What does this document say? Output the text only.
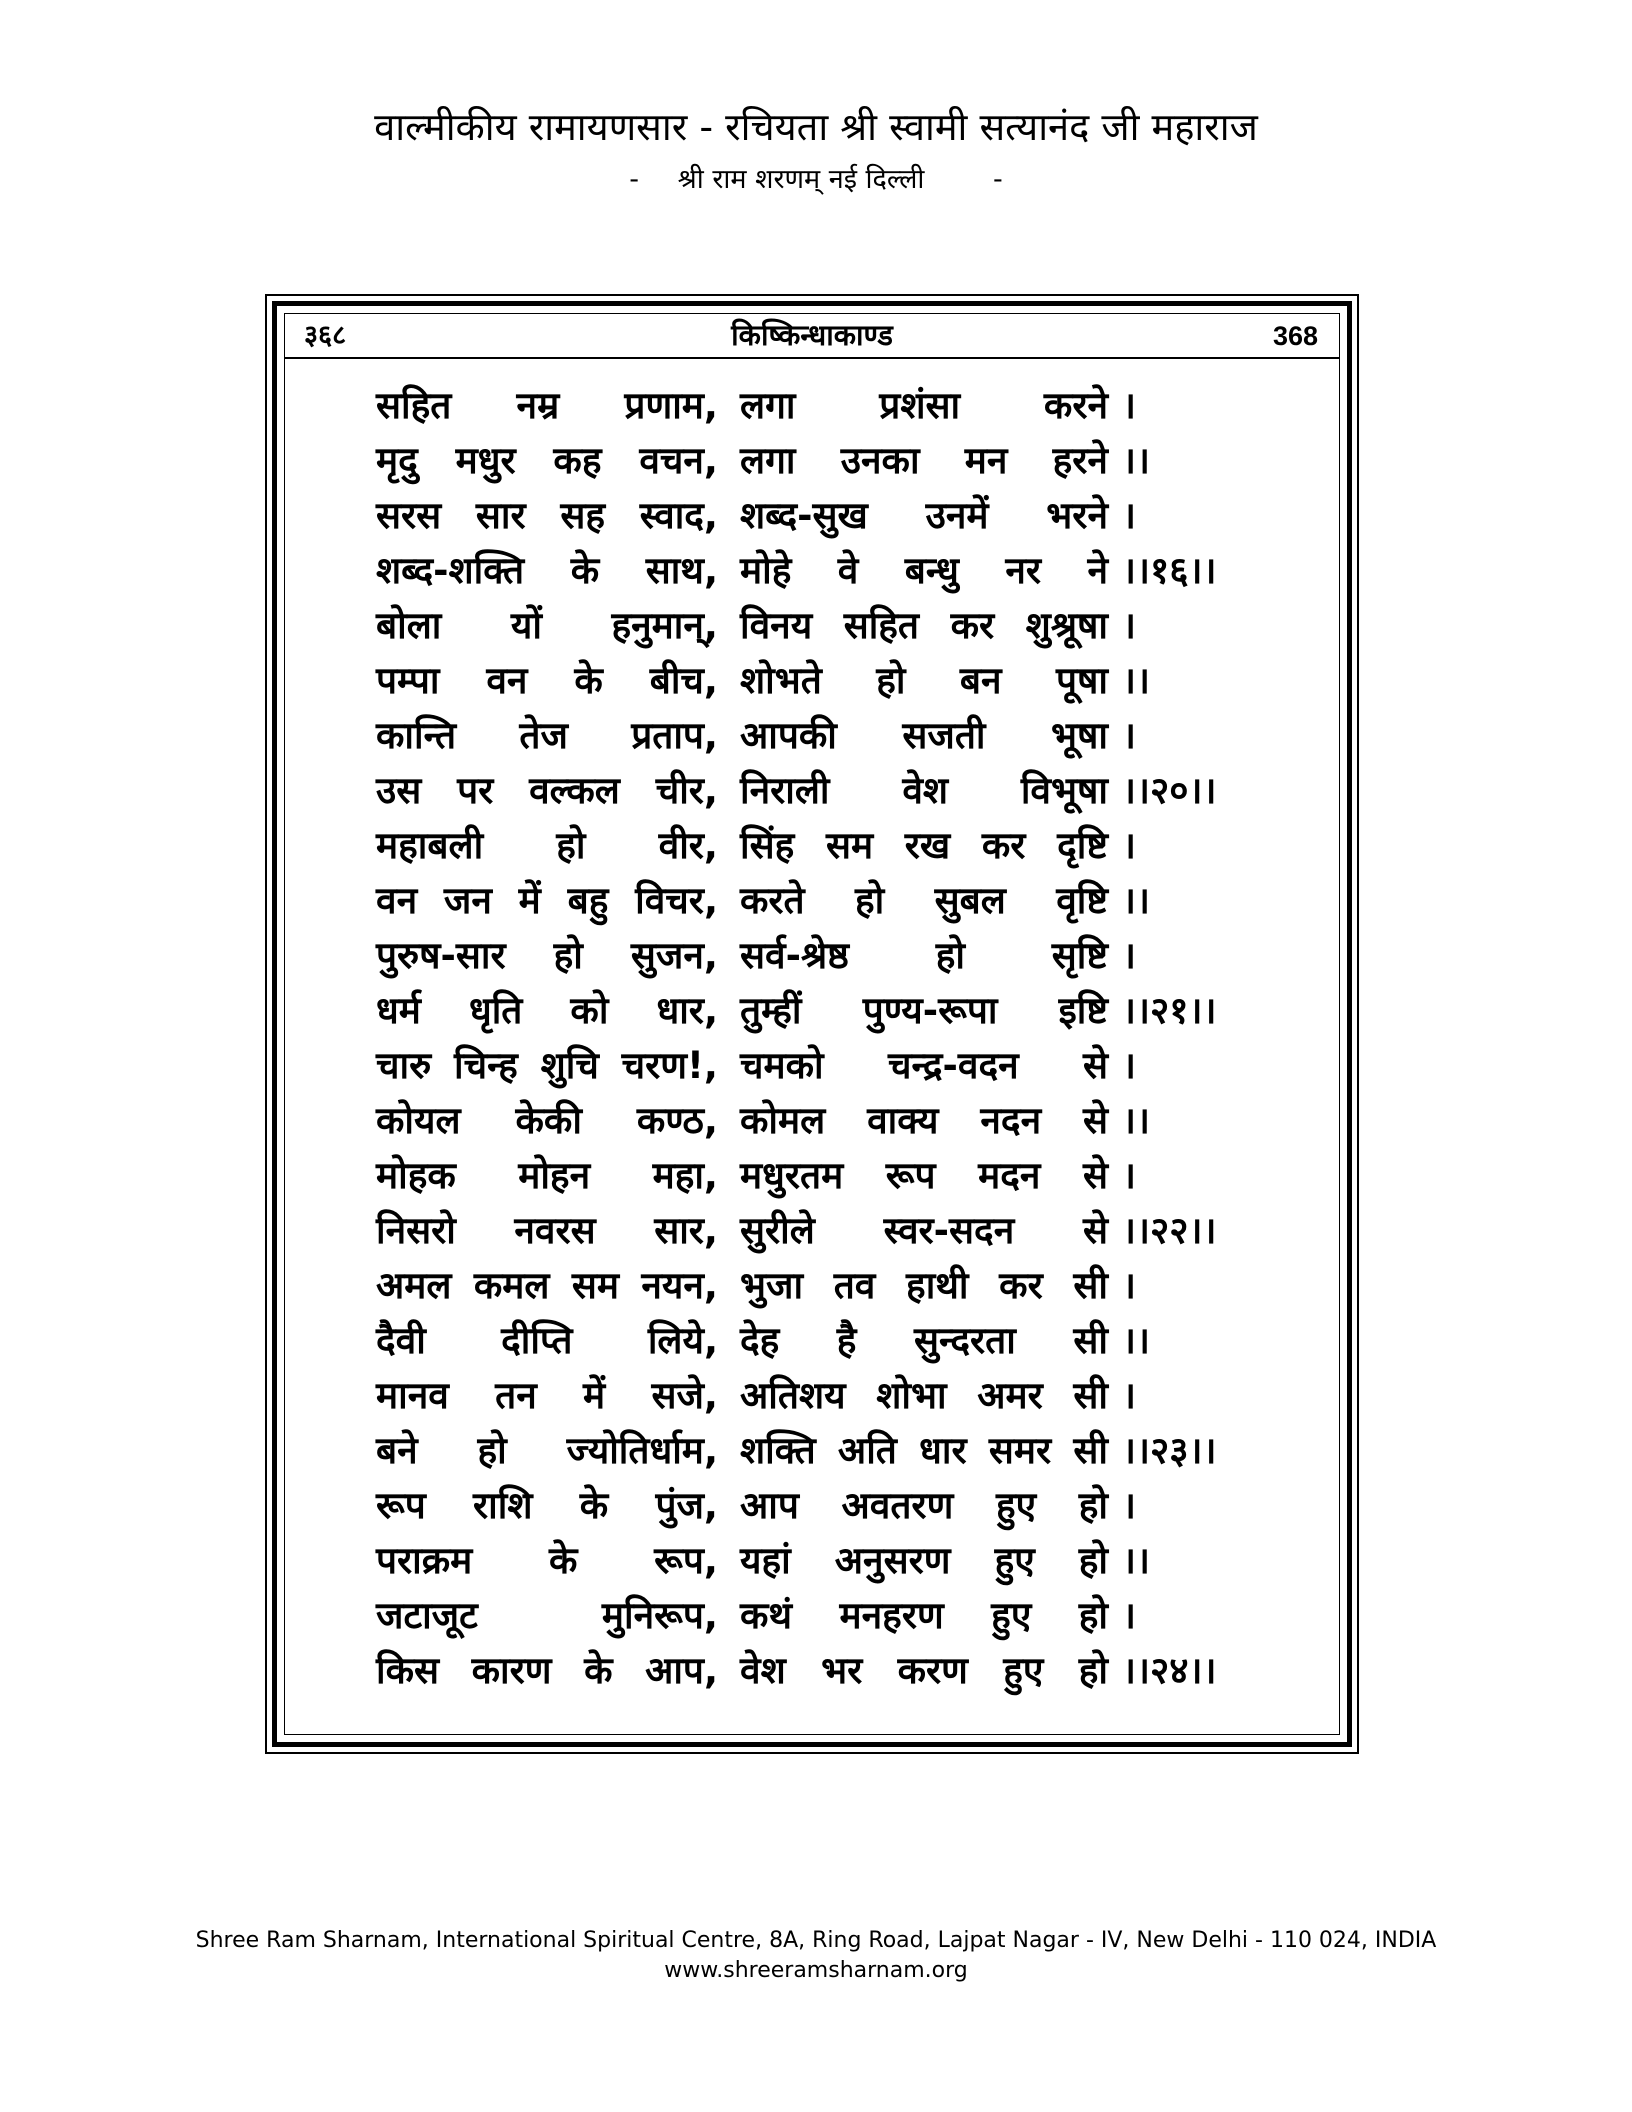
वाल्मीकीय रामायणसार - रचियता श्री स्वामी सत्यानंद जी महाराज
- श्री राम शरणम् नई दिल्ली	-
३६८	किष्किन्धाकाण्ड	368
सहित नम्र प्रणाम, लगा प्रशंसा करने ।
मृदु मधुर कह वचन, लगा उनका मन हरने ।।
सरस सार सह स्वाद, शब्द-सुख उनमें भरने ।
शब्द-शक्ति के साथ, मोहे वे बन्धु नर ने ।।१६।।
बोला यों हनुमान्, विनय सहित कर शुश्रूषा ।
पम्पा वन के बीच, शोभते हो बन पूषा ।।
कान्ति तेज प्रताप, आपकी सजती भूषा ।
उस पर वल्कल चीर, निराली वेश विभूषा ।।२०।।
महाबली हो वीर, सिंह सम रख कर दृष्टि ।
वन जन में बहु विचर, करते हो सुबल वृष्टि ।।
पुरुष-सार हो सुजन, सर्व-श्रेष्ठ हो सृष्टि ।
धर्म धृति को धार, तुम्हीं पुण्य-रूपा इष्टि ।।२१।।
चारु चिन्ह शुचि चरण!, चमको चन्द्र-वदन से ।
कोयल केकी कण्ठ, कोमल वाक्य नदन से ।।
मोहक मोहन महा, मधुरतम रूप मदन से ।
निसरो नवरस सार, सुरीले स्वर-सदन से ।।२२।।
अमल कमल सम नयन, भुजा तव हाथी कर सी ।
दैवी दीप्ति लिये, देह है सुन्दरता सी ।।
मानव तन में सजे, अतिशय शोभा अमर सी ।
बने हो ज्योतिर्धाम, शक्ति अति धार समर सी ।।२३।।
रूप राशि के पुंज, आप अवतरण हुए हो ।
पराक्रम के रूप, यहां अनुसरण हुए हो ।।
जटाजूट	मुनिरूप, कथं मनहरण हुए हो ।
किस कारण के आप, वेश भर करण हुए हो ।।२४।।
Shree Ram Sharnam, International Spiritual Centre, 8A, Ring Road, Lajpat Nagar - IV, New Delhi - 110 024, INDIA
www.shreeramsharnam.org
